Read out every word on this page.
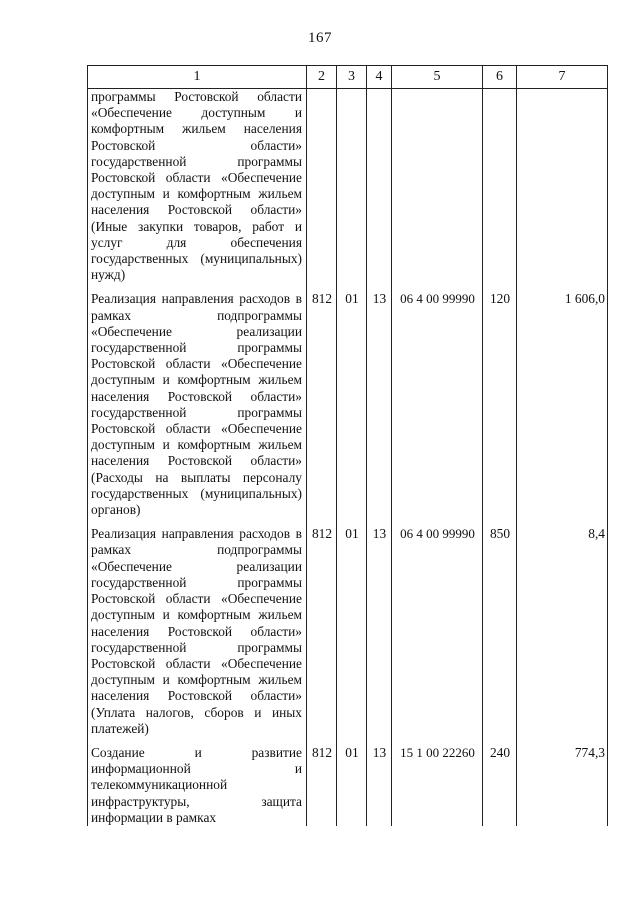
167
1	2	3	4	5	6	7
программы Ростовской области «Обеспечение доступным и комфортным жильем населения Ростовской области» государственной программы Ростовской области «Обеспечение доступным и комфортным жильем населения Ростовской области» (Иные закупки товаров, работ и услуг для обеспечения государственных (муниципальных) нужд)						
Реализация направления расходов в рамках подпрограммы «Обеспечение реализации государственной программы Ростовской области «Обеспечение доступным и комфортным жильем населения Ростовской области» государственной программы Ростовской области «Обеспечение доступным и комфортным жильем населения Ростовской области» (Расходы на выплаты персоналу государственных (муниципальных) органов)	812	01	13	06 4 00 99990	120	1 606,0
Реализация направления расходов в рамках подпрограммы «Обеспечение реализации государственной программы Ростовской области «Обеспечение доступным и комфортным жильем населения Ростовской области» государственной программы Ростовской области «Обеспечение доступным и комфортным жильем населения Ростовской области» (Уплата налогов, сборов и иных платежей)	812	01	13	06 4 00 99990	850	8,4
Создание и развитие информационной и телекоммуникационной инфраструктуры, защита информации в рамках	812	01	13	15 1 00 22260	240	774,3
